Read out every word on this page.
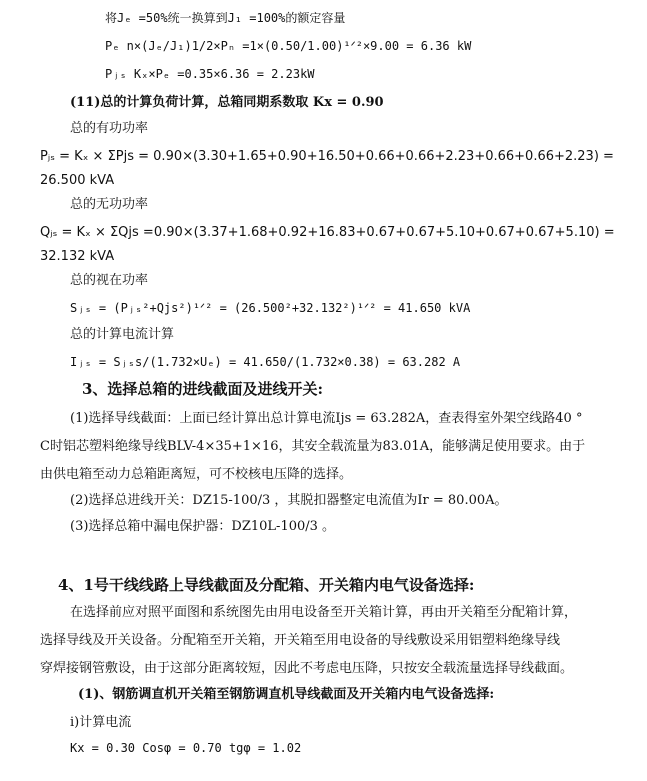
将Jₑ =50%统一换算到J₁ =100%的额定容量
Pₑ n×(Jₑ/J₁)1/2×Pₙ =1×(0.50/1.00)¹ᐟ²×9.00 = 6.36 kW
Pⱼₛ Kₓ×Pₑ =0.35×6.36 = 2.23kW
(11)总的计算负荷计算，总箱同期系数取 Kx = 0.90
总的有功功率
Pⱼₛ = Kₓ × ΣPjs = 0.90×(3.30+1.65+0.90+16.50+0.66+0.66+2.23+0.66+0.66+2.23) =
26.500 kVA
总的无功功率
Qⱼₛ = Kₓ × ΣQjs =0.90×(3.37+1.68+0.92+16.83+0.67+0.67+5.10+0.67+0.67+5.10) =
32.132 kVA
总的视在功率
Sⱼₛ = (Pⱼₛ²+Qjs²)¹ᐟ² = (26.500²+32.132²)¹ᐟ² = 41.650 kVA
总的计算电流计算
Iⱼₛ = Sⱼₛs/(1.732×Uₑ) = 41.650/(1.732×0.38) = 63.282 A
3、选择总箱的进线截面及进线开关:
(1)选择导线截面：上面已经计算出总计算电流Ijs = 63.282A，查表得室外架空线路40 °
C时铝芯塑料绝缘导线BLV-4×35+1×16，其安全载流量为83.01A，能够满足使用要求。由于
由供电箱至动力总箱距离短，可不校核电压降的选择。
(2)选择总进线开关：DZ15-100/3 ，其脱扣器整定电流值为Ir = 80.00A。
(3)选择总箱中漏电保护器：DZ10L-100/3 。
4、1号干线线路上导线截面及分配箱、开关箱内电气设备选择:
在选择前应对照平面图和系统图先由用电设备至开关箱计算，再由开关箱至分配箱计算，
选择导线及开关设备。分配箱至开关箱，开关箱至用电设备的导线敷设采用铝塑料绝缘导线
穿焊接钢管敷设，由于这部分距离较短，因此不考虑电压降，只按安全载流量选择导线截面。
(1)、钢筋调直机开关箱至钢筋调直机导线截面及开关箱内电气设备选择:
i)计算电流
Kx = 0.30 Cosφ = 0.70 tgφ = 1.02
